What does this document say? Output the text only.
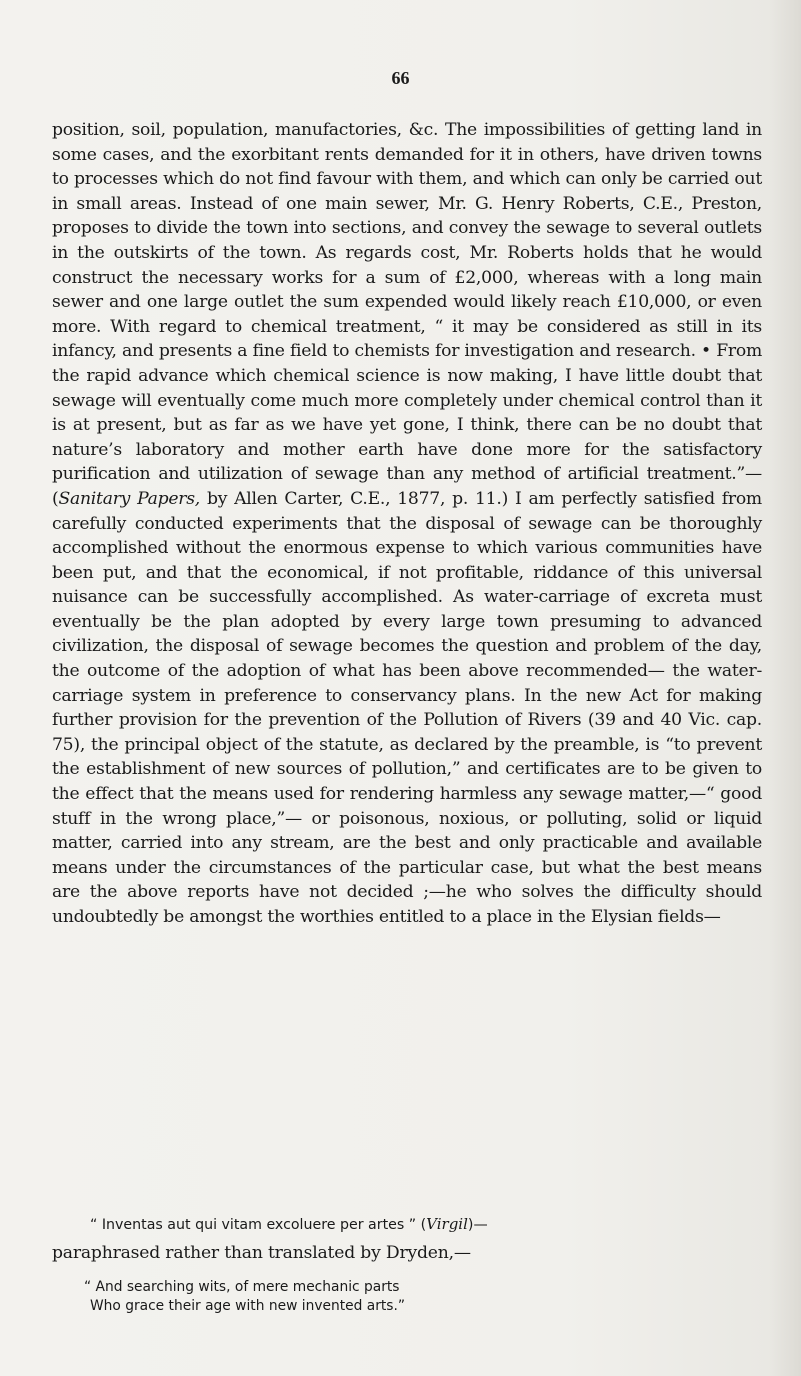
66

position, soil, population, manufactories, &c. The impossibilities of getting land in some cases, and the exorbitant rents demanded for it in others, have driven towns to processes which do not find favour with them, and which can only be carried out in small areas. Instead of one main sewer, Mr. G. Henry Roberts, C.E., Preston, proposes to divide the town into sections, and convey the sewage to several outlets in the outskirts of the town. As regards cost, Mr. Roberts holds that he would construct the necessary works for a sum of £2,000, whereas with a long main sewer and one large outlet the sum expended would likely reach £10,000, or even more. With regard to chemical treatment, “ it may be considered as still in its infancy, and presents a fine field to chemists for investigation and research. • From the rapid advance which chemical science is now making, I have little doubt that sewage will eventually come much more completely under chemical control than it is at present, but as far as we have yet gone, I think, there can be no doubt that nature’s laboratory and mother earth have done more for the satisfactory purification and utilization of sewage than any method of artificial treatment.”—(Sanitary Papers, by Allen Carter, C.E., 1877, p. 11.) I am perfectly satisfied from carefully conducted experiments that the disposal of sewage can be thoroughly accomplished without the enormous expense to which various communities have been put, and that the economical, if not profitable, riddance of this universal nuisance can be successfully accomplished. As water-carriage of excreta must eventually be the plan adopted by every large town presuming to advanced civilization, the disposal of sewage becomes the question and problem of the day, the outcome of the adoption of what has been above recommended— the water-carriage system in preference to conservancy plans. In the new Act for making further provision for the prevention of the Pollution of Rivers (39 and 40 Vic. cap. 75), the principal object of the statute, as declared by the preamble, is “to prevent the establishment of new sources of pollution,” and certificates are to be given to the effect that the means used for rendering harmless any sewage matter,—“ good stuff in the wrong place,”— or poisonous, noxious, or polluting, solid or liquid matter, carried into any stream, are the best and only practicable and available means under the circumstances of the particular case, but what the best means are the above reports have not decided ;—he who solves the difficulty should undoubtedly be amongst the worthies entitled to a place in the Elysian fields—

“ Inventas aut qui vitam excoluere per artes ” (Virgil)—
paraphrased rather than translated by Dryden,—
“ And searching wits, of mere mechanic parts
Who grace their age with new invented arts.”
